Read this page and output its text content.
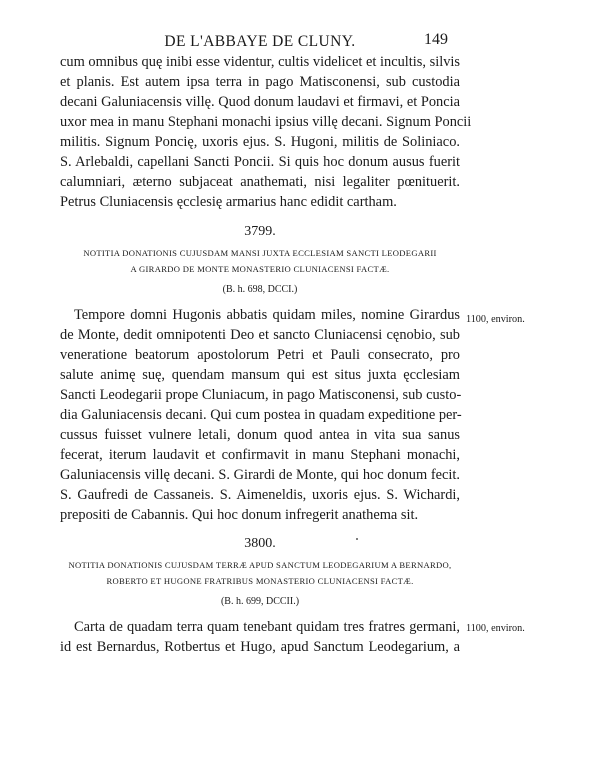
DE L'ABBAYE DE CLUNY.	149
cum omnibus quę inibi esse videntur, cultis videlicet et incultis, silvis
et planis. Est autem ipsa terra in pago Matisconensi, sub custodia
decani Galuniacensis villę. Quod donum laudavi et firmavi, et Poncia
uxor mea in manu Stephani monachi ipsius villę decani. Signum Poncii
militis. Signum Poncię, uxoris ejus. S. Hugoni, militis de Soliniaco.
S. Arlebaldi, capellani Sancti Poncii. Si quis hoc donum ausus fuerit
calumniari, æterno subjaceat anathemati, nisi legaliter pœnituerit.
Petrus Cluniacensis ęcclesię armarius hanc edidit cartham.
3799.
NOTITIA DONATIONIS CUJUSDAM MANSI JUXTA ECCLESIAM SANCTI LEODEGARII
A GIRARDO DE MONTE MONASTERIO CLUNIACENSI FACTÆ.
(B. h. 698, DCCI.)
1100, environ.
Tempore domni Hugonis abbatis quidam miles, nomine Girardus
de Monte, dedit omnipotenti Deo et sancto Cluniacensi cęnobio, sub
veneratione beatorum apostolorum Petri et Pauli consecrato, pro
salute animę suę, quendam mansum qui est situs juxta ęcclesiam
Sancti Leodegarii prope Cluniacum, in pago Matisconensi, sub custo-
dia Galuniacensis decani. Qui cum postea in quadam expeditione per-
cussus fuisset vulnere letali, donum quod antea in vita sua sanus
fecerat, iterum laudavit et confirmavit in manu Stephani monachi,
Galuniacensis villę decani. S. Girardi de Monte, qui hoc donum fecit.
S. Gaufredi de Cassaneis. S. Aimeneldis, uxoris ejus. S. Wichardi,
prepositi de Cabannis. Qui hoc donum infregerit anathema sit.
3800.
NOTITIA DONATIONIS CUJUSDAM TERRÆ APUD SANCTUM LEODEGARIUM A BERNARDO,
ROBERTO ET HUGONE FRATRIBUS MONASTERIO CLUNIACENSI FACTÆ.
(B. h. 699, DCCII.)
1100, environ.
Carta de quadam terra quam tenebant quidam tres fratres germani,
id est Bernardus, Rotbertus et Hugo, apud Sanctum Leodegarium, a
